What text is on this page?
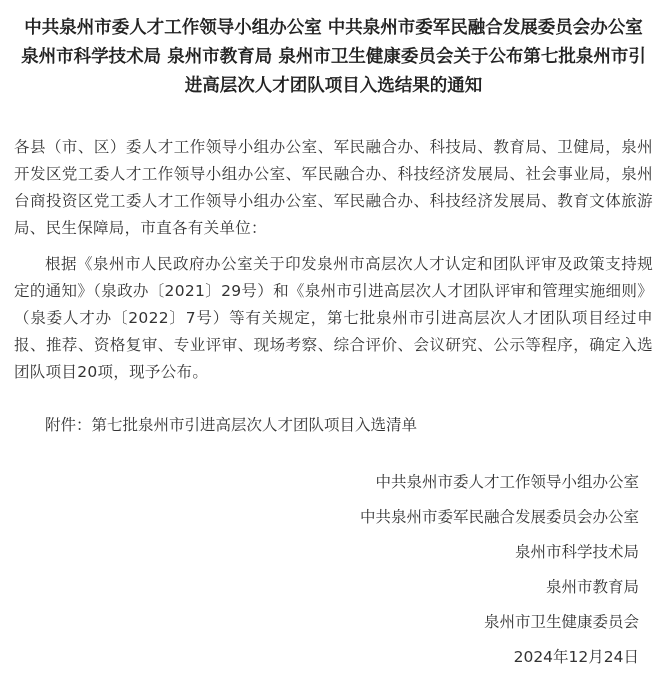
中共泉州市委人才工作领导小组办公室 中共泉州市委军民融合发展委员会办公室 泉州市科学技术局 泉州市教育局 泉州市卫生健康委员会关于公布第七批泉州市引进高层次人才团队项目入选结果的通知

各县（市、区）委人才工作领导小组办公室、军民融合办、科技局、教育局、卫健局，泉州开发区党工委人才工作领导小组办公室、军民融合办、科技经济发展局、社会事业局，泉州台商投资区党工委人才工作领导小组办公室、军民融合办、科技经济发展局、教育文体旅游局、民生保障局，市直各有关单位：

根据《泉州市人民政府办公室关于印发泉州市高层次人才认定和团队评审及政策支持规定的通知》（泉政办〔2021〕29号）和《泉州市引进高层次人才团队评审和管理实施细则》（泉委人才办〔2022〕7号）等有关规定，第七批泉州市引进高层次人才团队项目经过申报、推荐、资格复审、专业评审、现场考察、综合评价、会议研究、公示等程序，确定入选团队项目20项，现予公布。

附件：第七批泉州市引进高层次人才团队项目入选清单

中共泉州市委人才工作领导小组办公室
中共泉州市委军民融合发展委员会办公室
泉州市科学技术局
泉州市教育局
泉州市卫生健康委员会
2024年12月24日
